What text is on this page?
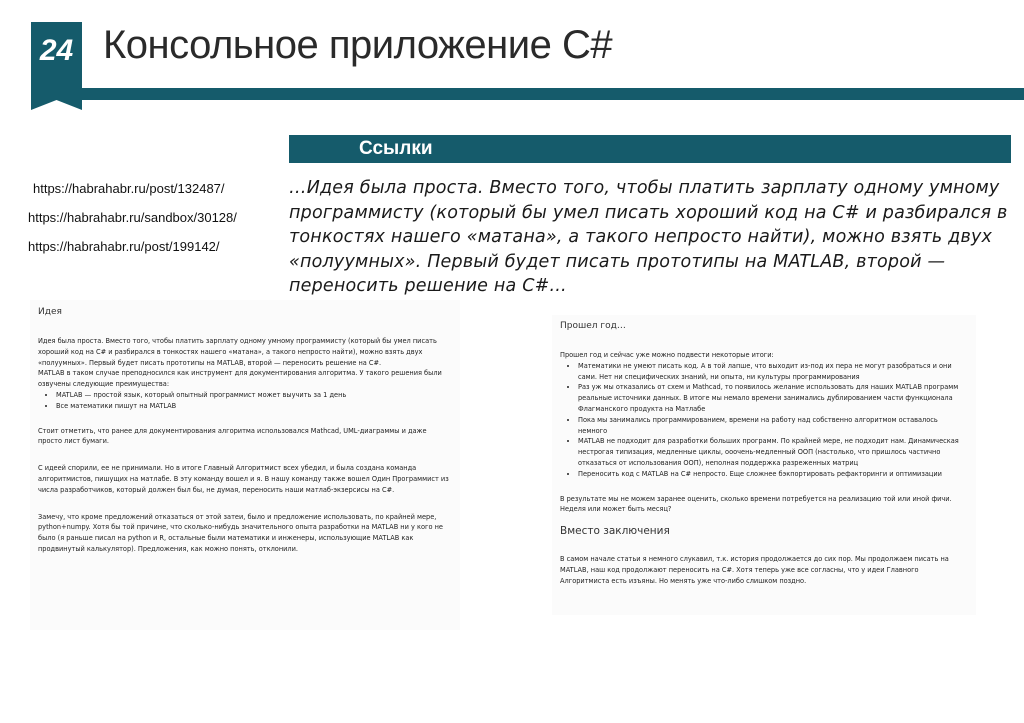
24 Консольное приложение C#
Ссылки
https://habrahabr.ru/post/132487/
https://habrahabr.ru/sandbox/30128/
https://habrahabr.ru/post/199142/
…Идея была проста. Вместо того, чтобы платить зарплату одному умному программисту (который бы умел писать хороший код на C# и разбирался в тонкостях нашего «матана», а такого непросто найти), можно взять двух «полуумных». Первый будет писать прототипы на MATLAB, второй — переносить решение на C#...
Идея

Идея была проста. Вместо того, чтобы платить зарплату одному умному программисту (который бы умел писать хороший код на C# и разбирался в тонкостях нашего «матана», а такого непросто найти), можно взять двух «полуумных». Первый будет писать прототипы на MATLAB, второй — переносить решение на C#.

MATLAB в таком случае преподносился как инструмент для документирования алгоритма. У такого решения были озвучены следующие преимущества:

• MATLAB — простой язык, который опытный программист может выучить за 1 день
• Все математики пишут на MATLAB

Стоит отметить, что ранее для документирования алгоритма использовался Mathcad, UML-диаграммы и даже просто лист бумаги.

С идеей спорили, ее не принимали. Но в итоге Главный Алгоритмист всех убедил, и была создана команда алгоритмистов, пишущих на матлабе. В эту команду вошел и я. В нашу команду также вошел Один Программист из числа разработчиков, который должен был бы, не думая, переносить наши матлаб-экзерсисы на C#.

Замечу, что кроме предложений отказаться от этой затеи, было и предложение использовать, по крайней мере, python+numpy. Хотя бы той причине, что сколько-нибудь значительного опыта разработки на MATLAB ни у кого не было (я раньше писал на python и R, остальные были математики и инженеры, использующие MATLAB как продвинутый калькулятор). Предложения, как можно понять, отклонили.

Прошел год…

Прошел год и сейчас уже можно подвести некоторые итоги:

• Математики не умеют писать код. А в той лапше, что выходит из-под их пера не могут разобраться и они сами. Нет ни специфических знаний, ни опыта, ни культуры программирования
• Раз уж мы отказались от схем и Mathcad, то появилось желание использовать для наших MATLAB программ реальные источники данных. В итоге мы немало времени занимались дублированием части функционала Флагманского продукта на Матлабе
• Пока мы занимались программированием, времени на работу над собственно алгоритмом оставалось немного
• MATLAB не подходит для разработки больших программ. По крайней мере, не подходит нам. Динамическая нестрогая типизация, медленные циклы, ооочень-медленный ООП (настолько, что пришлось частично отказаться от использования ООП), неполная поддержка разреженных матриц
• Переносить код с MATLAB на C# непросто. Еще сложнее бэкпортировать рефакторинги и оптимизации

В результате мы не можем заранее оценить, сколько времени потребуется на реализацию той или иной фичи. Неделя или может быть месяц?

Вместо заключения

В самом начале статьи я немного слукавил, т.к. история продолжается до сих пор. Мы продолжаем писать на MATLAB, наш код продолжают переносить на C#. Хотя теперь уже все согласны, что у идеи Главного Алгоритмиста есть изъяны. Но менять уже что-либо слишком поздно.
